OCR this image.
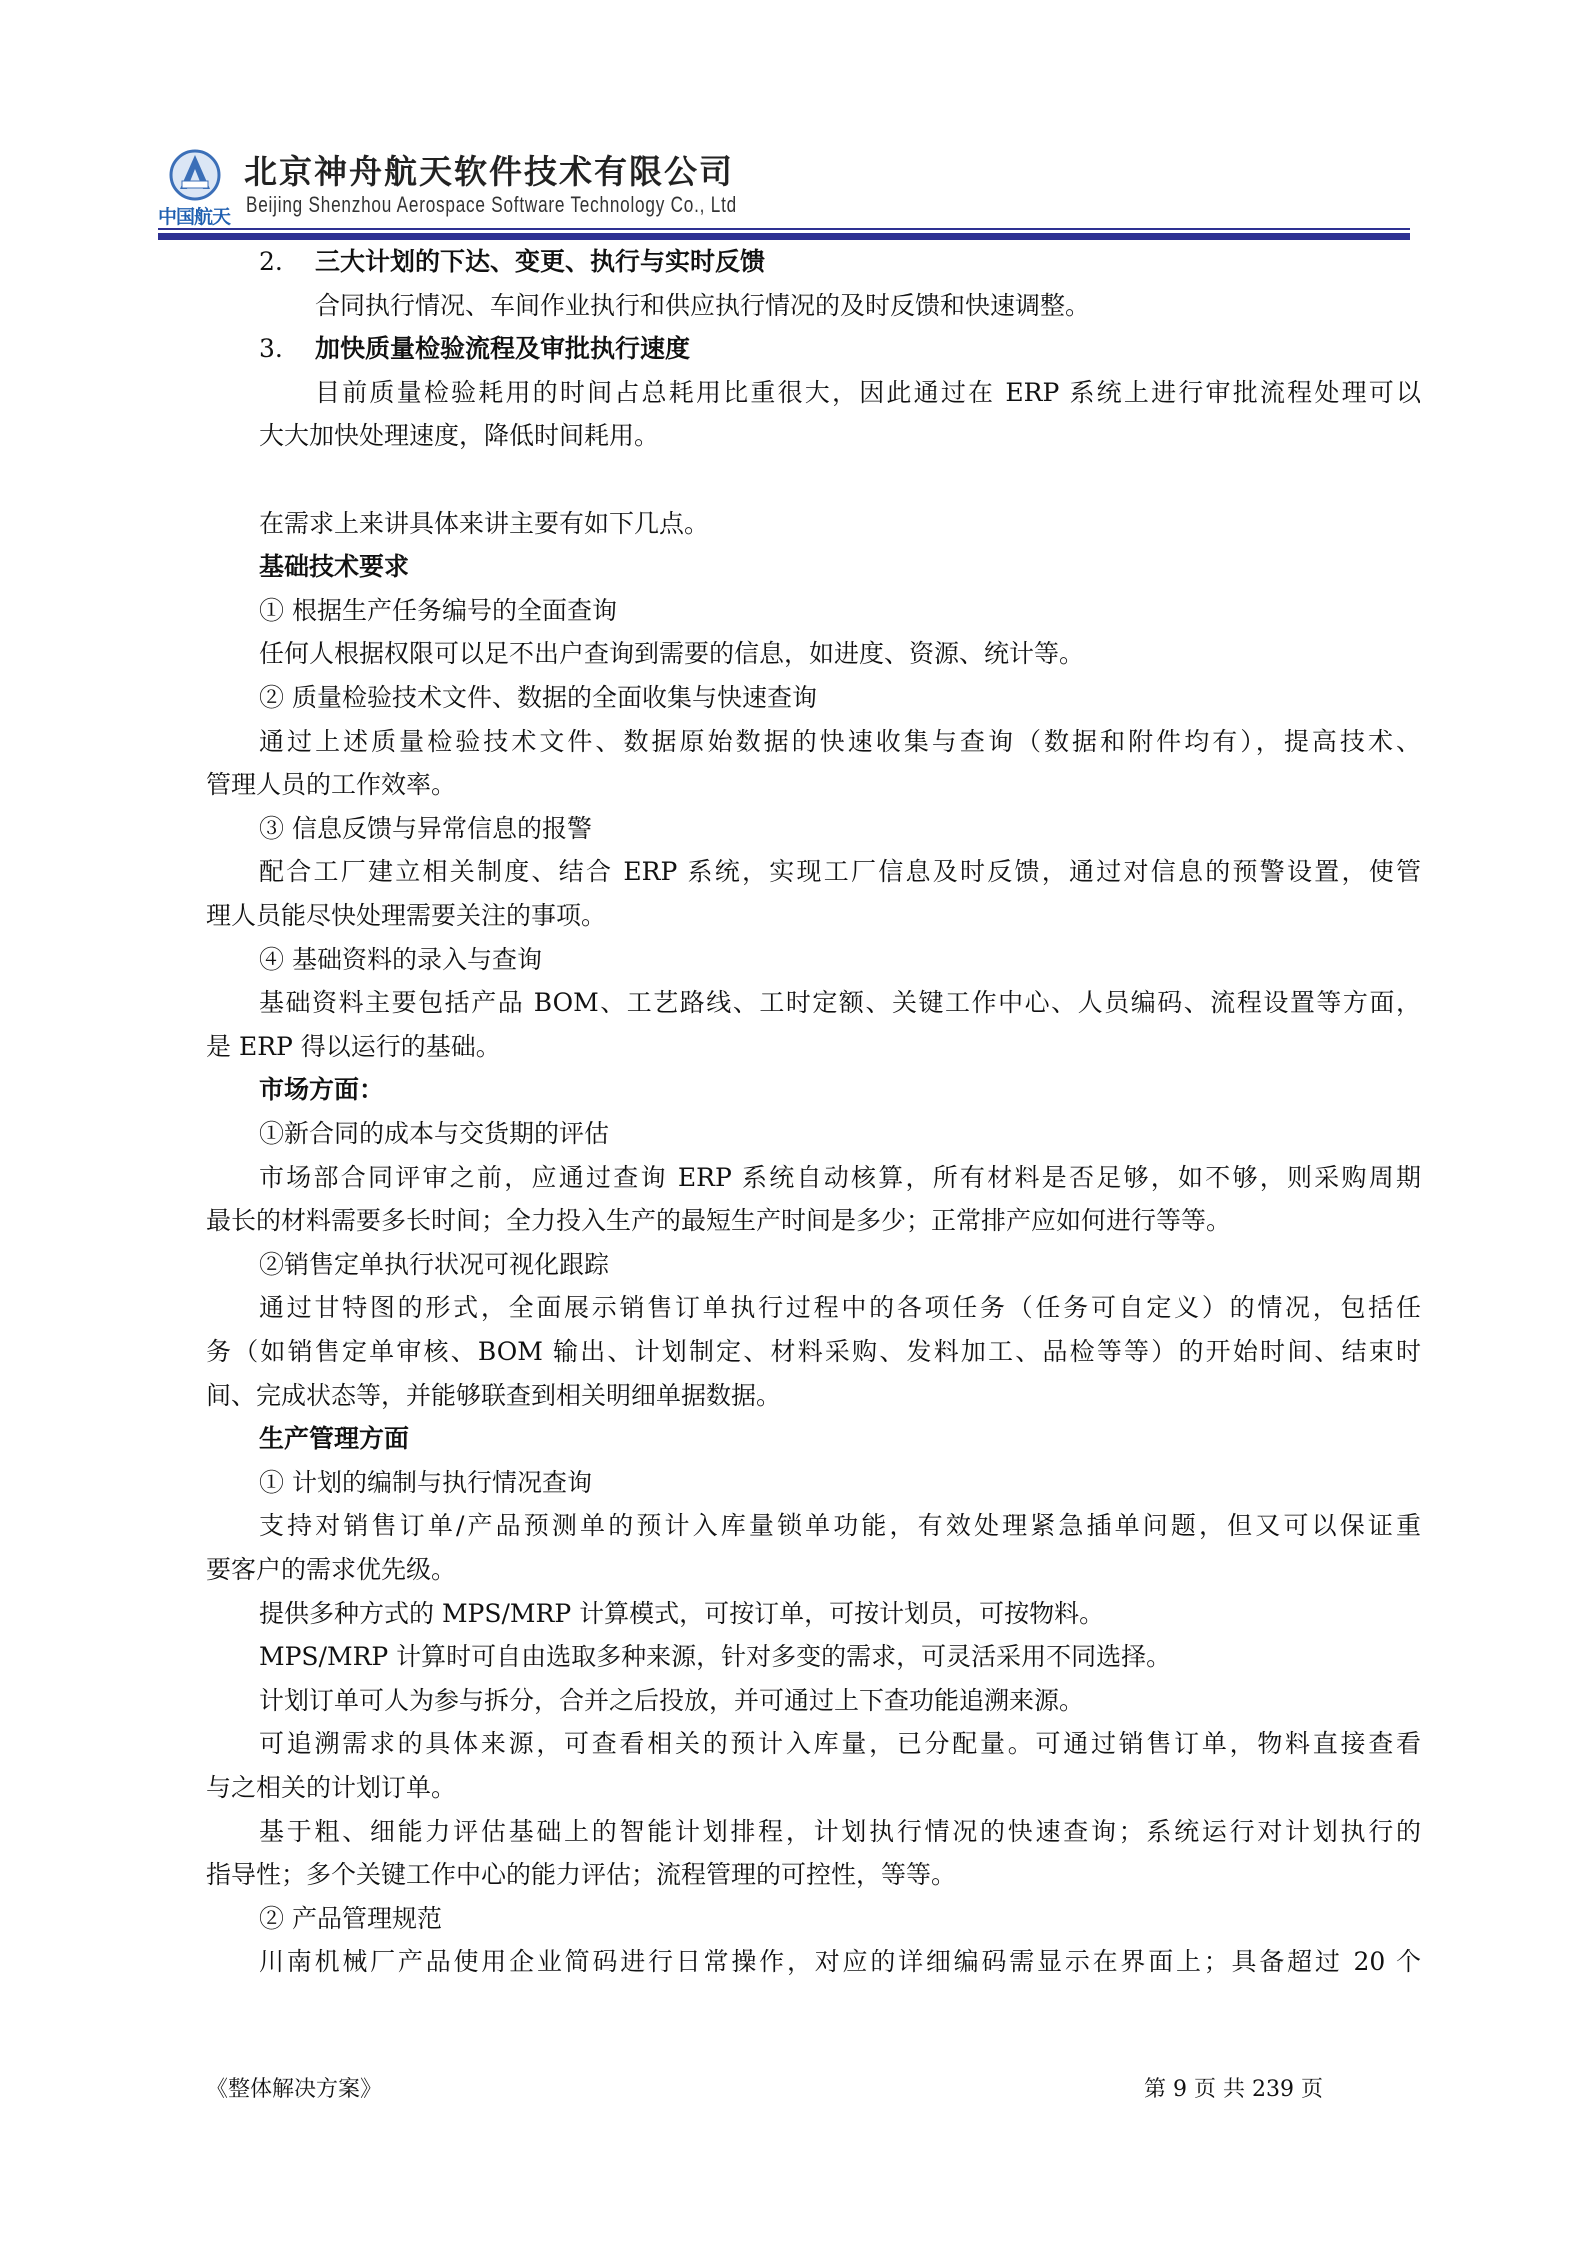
中国航天
北京神舟航天软件技术有限公司
Beijing Shenzhou Aerospace Software Technology Co., Ltd
2. 三大计划的下达、变更、执行与实时反馈
合同执行情况、车间作业执行和供应执行情况的及时反馈和快速调整。
3. 加快质量检验流程及审批执行速度
目前质量检验耗用的时间占总耗用比重很大，因此通过在 ERP 系统上进行审批流程处理可以
大大加快处理速度，降低时间耗用。
在需求上来讲具体来讲主要有如下几点。
基础技术要求
① 根据生产任务编号的全面查询
任何人根据权限可以足不出户查询到需要的信息，如进度、资源、统计等。
② 质量检验技术文件、数据的全面收集与快速查询
通过上述质量检验技术文件、数据原始数据的快速收集与查询（数据和附件均有），提高技术、
管理人员的工作效率。
③ 信息反馈与异常信息的报警
配合工厂建立相关制度、结合 ERP 系统，实现工厂信息及时反馈，通过对信息的预警设置，使管
理人员能尽快处理需要关注的事项。
④ 基础资料的录入与查询
基础资料主要包括产品 BOM、工艺路线、工时定额、关键工作中心、人员编码、流程设置等方面，
是 ERP 得以运行的基础。
市场方面：
①新合同的成本与交货期的评估
市场部合同评审之前，应通过查询 ERP 系统自动核算，所有材料是否足够，如不够，则采购周期
最长的材料需要多长时间；全力投入生产的最短生产时间是多少；正常排产应如何进行等等。
②销售定单执行状况可视化跟踪
通过甘特图的形式，全面展示销售订单执行过程中的各项任务（任务可自定义）的情况，包括任
务（如销售定单审核、BOM 输出、计划制定、材料采购、发料加工、品检等等）的开始时间、结束时
间、完成状态等，并能够联查到相关明细单据数据。
生产管理方面
① 计划的编制与执行情况查询
支持对销售订单/产品预测单的预计入库量锁单功能，有效处理紧急插单问题，但又可以保证重
要客户的需求优先级。
提供多种方式的 MPS/MRP 计算模式，可按订单，可按计划员，可按物料。
MPS/MRP 计算时可自由选取多种来源，针对多变的需求，可灵活采用不同选择。
计划订单可人为参与拆分，合并之后投放，并可通过上下查功能追溯来源。
可追溯需求的具体来源，可查看相关的预计入库量，已分配量。可通过销售订单，物料直接查看
与之相关的计划订单。
基于粗、细能力评估基础上的智能计划排程，计划执行情况的快速查询；系统运行对计划执行的
指导性；多个关键工作中心的能力评估；流程管理的可控性，等等。
② 产品管理规范
川南机械厂产品使用企业简码进行日常操作，对应的详细编码需显示在界面上；具备超过 20 个
《整体解决方案》	第 9 页 共 239 页
